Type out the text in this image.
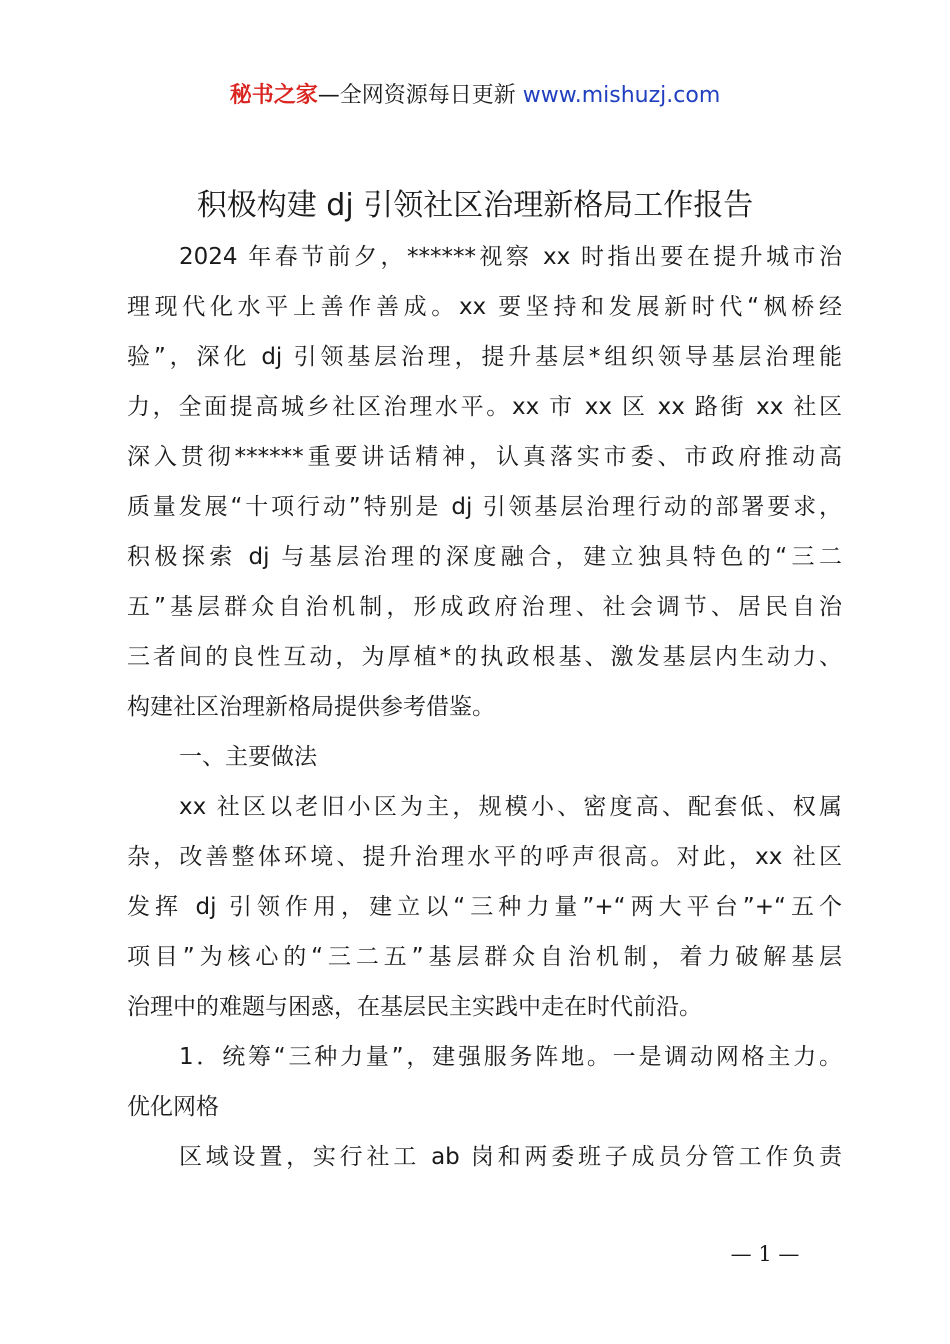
秘书之家—全网资源每日更新 www.mishuzj.com
积极构建 dj 引领社区治理新格局工作报告
2024 年春节前夕，******视察 xx 时指出要在提升城市治
理现代化水平上善作善成。xx 要坚持和发展新时代“枫桥经
验”，深化 dj 引领基层治理，提升基层*组织领导基层治理能
力，全面提高城乡社区治理水平。xx 市 xx 区 xx 路街 xx 社区
深入贯彻******重要讲话精神，认真落实市委、市政府推动高
质量发展“十项行动”特别是 dj 引领基层治理行动的部署要求，
积极探索 dj 与基层治理的深度融合，建立独具特色的“三二
五”基层群众自治机制，形成政府治理、社会调节、居民自治
三者间的良性互动，为厚植*的执政根基、激发基层内生动力、
构建社区治理新格局提供参考借鉴。
一、主要做法
xx 社区以老旧小区为主，规模小、密度高、配套低、权属
杂，改善整体环境、提升治理水平的呼声很高。对此，xx 社区
发挥 dj 引领作用，建立以“三种力量”+“两大平台”+“五个
项目”为核心的“三二五”基层群众自治机制，着力破解基层
治理中的难题与困惑，在基层民主实践中走在时代前沿。
1．统筹“三种力量”，建强服务阵地。一是调动网格主力。
优化网格
区域设置，实行社工 ab 岗和两委班子成员分管工作负责
— 1 —
